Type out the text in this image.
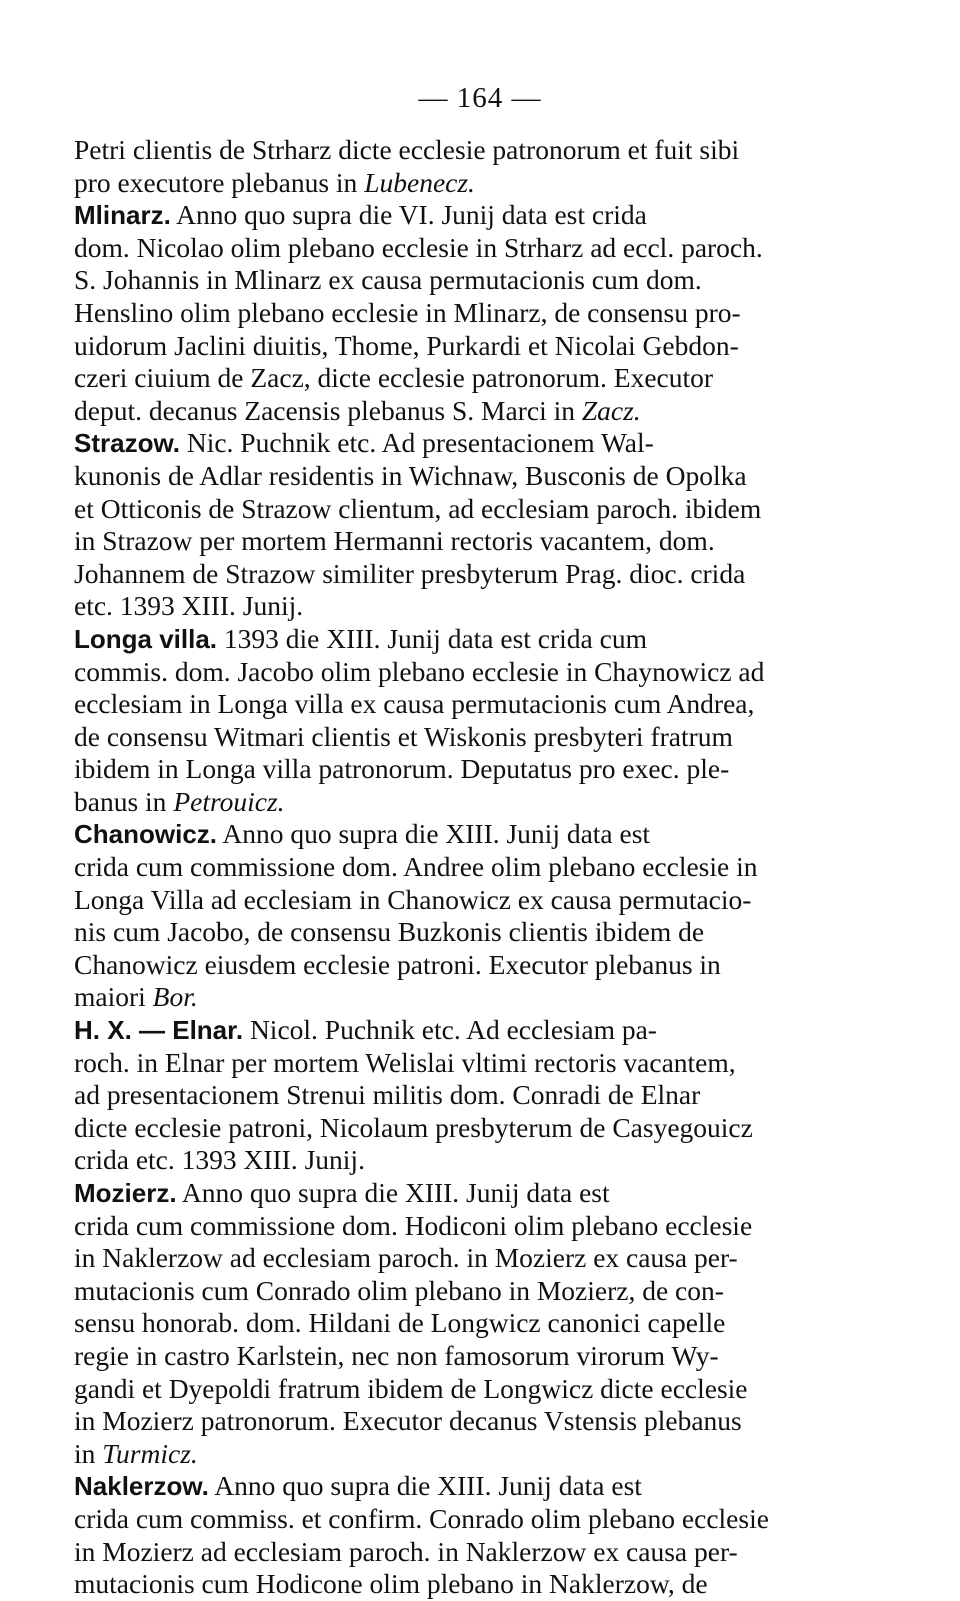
— 164 —
Petri clientis de Strharz dicte ecclesie patronorum et fuit sibi
pro executore plebanus in Lubenecz.
Mlinarz. Anno quo supra die VI. Junij data est crida
dom. Nicolao olim plebano ecclesie in Strharz ad eccl. paroch.
S. Johannis in Mlinarz ex causa permutacionis cum dom.
Henslino olim plebano ecclesie in Mlinarz, de consensu pro-
uidorum Jaclini diuitis, Thome, Purkardi et Nicolai Gebdon-
czeri ciuium de Zacz, dicte ecclesie patronorum. Executor
deput. decanus Zacensis plebanus S. Marci in Zacz.
Strazow. Nic. Puchnik etc. Ad presentacionem Wal-
kunonis de Adlar residentis in Wichnaw, Busconis de Opolka
et Otticonis de Strazow clientum, ad ecclesiam paroch. ibidem
in Strazow per mortem Hermanni rectoris vacantem, dom.
Johannem de Strazow similiter presbyterum Prag. dioc. crida
etc. 1393 XIII. Junij.
Longa villa. 1393 die XIII. Junij data est crida cum
commis. dom. Jacobo olim plebano ecclesie in Chaynowicz ad
ecclesiam in Longa villa ex causa permutacionis cum Andrea,
de consensu Witmari clientis et Wiskonis presbyteri fratrum
ibidem in Longa villa patronorum. Deputatus pro exec. ple-
banus in Petrouicz.
Chanowicz. Anno quo supra die XIII. Junij data est
crida cum commissione dom. Andree olim plebano ecclesie in
Longa Villa ad ecclesiam in Chanowicz ex causa permutacio-
nis cum Jacobo, de consensu Buzkonis clientis ibidem de
Chanowicz eiusdem ecclesie patroni. Executor plebanus in
maiori Bor.
H. X. — Elnar. Nicol. Puchnik etc. Ad ecclesiam pa-
roch. in Elnar per mortem Welislai vltimi rectoris vacantem,
ad presentacionem Strenui militis dom. Conradi de Elnar
dicte ecclesie patroni, Nicolaum presbyterum de Casyegouicz
crida etc. 1393 XIII. Junij.
Mozierz. Anno quo supra die XIII. Junij data est
crida cum commissione dom. Hodiconi olim plebano ecclesie
in Naklerzow ad ecclesiam paroch. in Mozierz ex causa per-
mutacionis cum Conrado olim plebano in Mozierz, de con-
sensu honorab. dom. Hildani de Longwicz canonici capelle
regie in castro Karlstein, nec non famosorum virorum Wy-
gandi et Dyepoldi fratrum ibidem de Longwicz dicte ecclesie
in Mozierz patronorum. Executor decanus Vstensis plebanus
in Turmicz.
Naklerzow. Anno quo supra die XIII. Junij data est
crida cum commiss. et confirm. Conrado olim plebano ecclesie
in Mozierz ad ecclesiam paroch. in Naklerzow ex causa per-
mutacionis cum Hodicone olim plebano in Naklerzow, de
